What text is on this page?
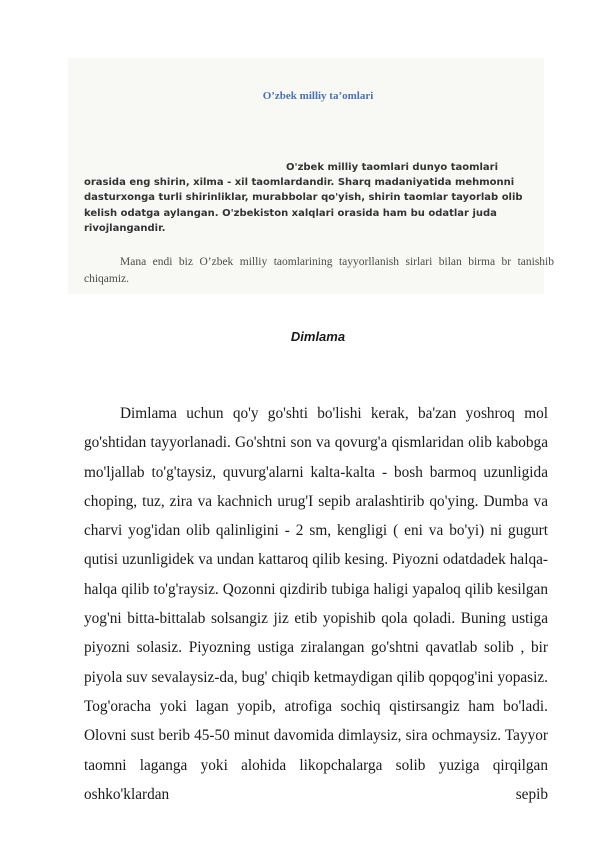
O’zbek milliy ta’omlari

O'zbek milliy taomlari dunyo taomlari
orasida eng shirin, xilma - xil taomlardandir. Sharq madaniyatida mehmonni dasturxonga turli shirinliklar, murabbolar qo'yish, shirin taomlar tayorlab olib kelish odatga aylangan. O'zbekiston xalqlari orasida ham bu odatlar juda rivojlangandir.

Mana endi biz O’zbek milliy taomlarining tayyorllanish sirlari bilan birma br tanishib chiqamiz.

Dimlama

Dimlama uchun qo'y go'shti bo'lishi kerak, ba'zan yoshroq mol go'shtidan tayyorlanadi. Go'shtni son va qovurg'a qismlaridan olib kabobga mo'ljallab to'g'taysiz, quvurg'alarni kalta-kalta - bosh barmoq uzunligida choping, tuz, zira va kachnich urug'I sepib aralashtirib qo'ying. Dumba va charvi yog'idan olib qalinligini - 2 sm, kengligi ( eni va bo'yi) ni gugurt qutisi uzunligidek va undan kattaroq qilib kesing. Piyozni odatdadek halqa-halqa qilib to'g'raysiz. Qozonni qizdirib tubiga haligi yapaloq qilib kesilgan yog'ni bitta-bittalab solsangiz jiz etib yopishib qola qoladi. Buning ustiga piyozni solasiz. Piyozning ustiga ziralangan go'shtni qavatlab solib , bir piyola suv sevalaysiz-da, bug' chiqib ketmaydigan qilib qopqog'ini yopasiz. Tog'oracha yoki lagan yopib, atrofiga sochiq qistirsangiz ham bo'ladi. Olovni sust berib 45-50 minut davomida dimlaysiz, sira ochmaysiz. Tayyor taomni laganga yoki alohida likopchalarga solib yuziga qirqilgan oshko'klardan sepib
